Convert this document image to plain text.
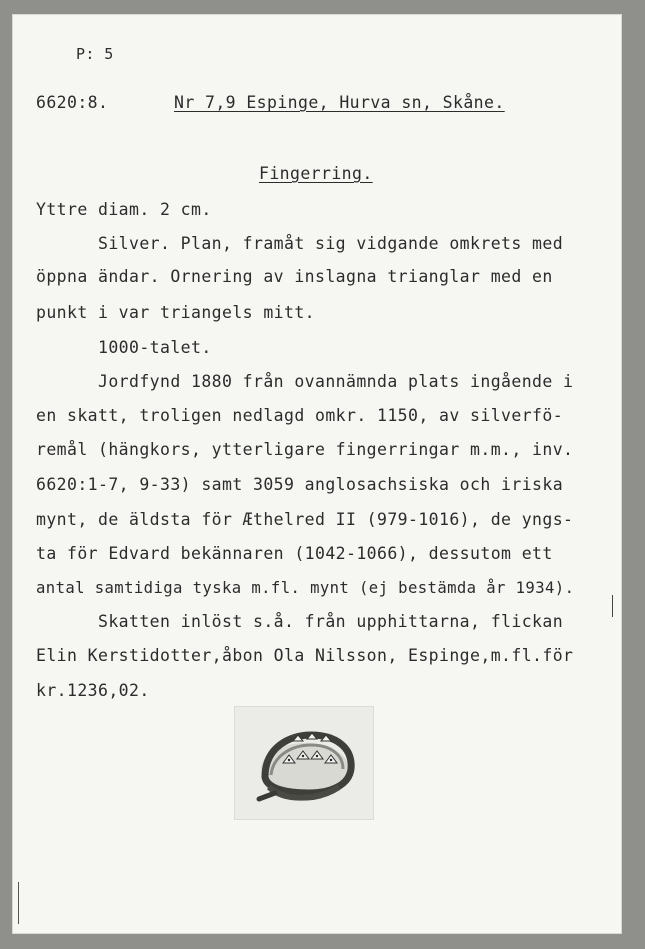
P: 5
6620:8.	Nr 7,9 Espinge, Hurva sn, Skåne.
Fingerring.
Yttre diam. 2 cm.
Silver. Plan, framåt sig vidgande omkrets med
öppna ändar. Ornering av inslagna trianglar med en
punkt i var triangels mitt.
1000-talet.
Jordfynd 1880 från ovannämnda plats ingående i
en skatt, troligen nedlagd omkr. 1150, av silverfö-
remål (hängkors, ytterligare fingerringar m.m., inv.
6620:1-7, 9-33) samt 3059 anglosachsiska och iriska
mynt, de äldsta för Æthelred II (979-1016), de yngs-
ta för Edvard bekännaren (1042-1066), dessutom ett
antal samtidiga tyska m.fl. mynt (ej bestämda år 1934).
Skatten inlöst s.å. från upphittarna, flickan
Elin Kerstidotter,åbon Ola Nilsson, Espinge,m.fl.för
kr.1236,02.
